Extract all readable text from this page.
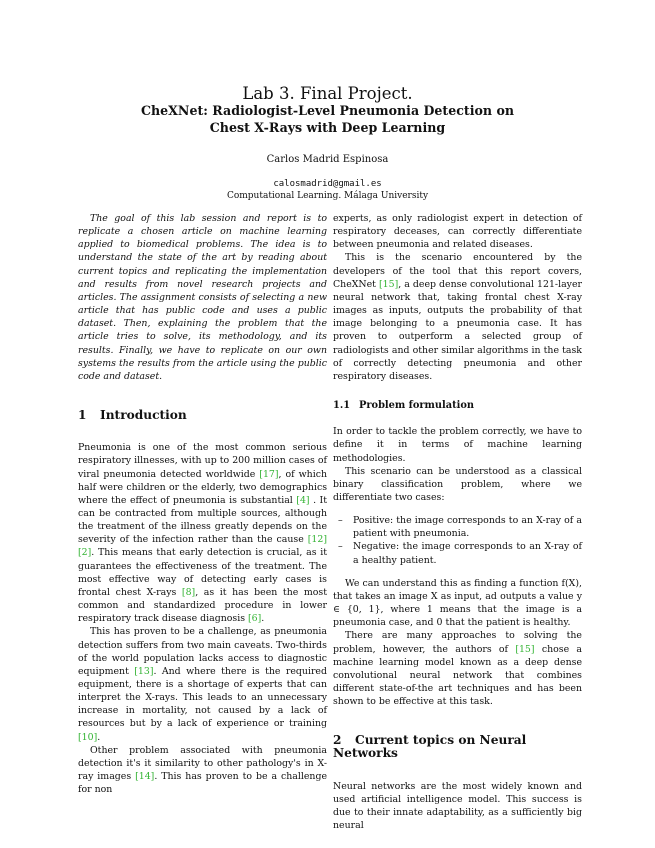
Lab 3. Final Project.
CheXNet: Radiologist-Level Pneumonia Detection on
Chest X-Rays with Deep Learning
Carlos Madrid Espinosa
calosmadrid@gmail.es
Computational Learning. Málaga University

The goal of this lab session and report is to replicate a chosen article on machine learning applied to biomedical problems. The idea is to understand the state of the art by reading about current topics and replicating the implementation and results from novel research projects and articles. The assignment consists of selecting a new article that has public code and uses a public dataset. Then, explaining the problem that the article tries to solve, its methodology, and its results. Finally, we have to replicate on our own systems the results from the article using the public code and dataset.

1 Introduction

Pneumonia is one of the most common serious respiratory illnesses, with up to 200 million cases of viral pneumonia detected worldwide [17], of which half were children or the elderly, two demographics where the effect of pneumonia is substantial [4] . It can be contracted from multiple sources, although the treatment of the illness greatly depends on the severity of the infection rather than the cause [12] [2]. This means that early detection is crucial, as it guarantees the effectiveness of the treatment. The most effective way of detecting early cases is frontal chest X-rays [8], as it has been the most common and standardized procedure in lower respiratory track disease diagnosis [6].

This has proven to be a challenge, as pneumonia detection suffers from two main caveats. Two-thirds of the world population lacks access to diagnostic equipment [13]. And where there is the required equipment, there is a shortage of experts that can interpret the X-rays. This leads to an unnecessary increase in mortality, not caused by a lack of resources but by a lack of experience or training [10].

Other problem associated with pneumonia detection it's it similarity to other pathology's in X-ray images [14]. This has proven to be a challenge for non

experts, as only radiologist expert in detection of respiratory deceases, can correctly differentiate between pneumonia and related diseases.

This is the scenario encountered by the developers of the tool that this report covers, CheXNet [15], a deep dense convolutional 121-layer neural network that, taking frontal chest X-ray images as inputs, outputs the probability of that image belonging to a pneumonia case. It has proven to outperform a selected group of radiologists and other similar algorithms in the task of correctly detecting pneumonia and other respiratory diseases.

1.1 Problem formulation

In order to tackle the problem correctly, we have to define it in terms of machine learning methodologies.

This scenario can be understood as a classical binary classification problem, where we differentiate two cases:

– Positive: the image corresponds to an X-ray of a patient with pneumonia.
– Negative: the image corresponds to an X-ray of a healthy patient.

We can understand this as finding a function f(X), that takes an image X as input, ad outputs a value y ∈ {0, 1}, where 1 means that the image is a pneumonia case, and 0 that the patient is healthy.

There are many approaches to solving the problem, however, the authors of [15] chose a machine learning model known as a deep dense convolutional neural network that combines different state-of-the art techniques and has been shown to be effective at this task.

2 Current topics on Neural Networks

Neural networks are the most widely known and used artificial intelligence model. This success is due to their innate adaptability, as a sufficiently big neural
